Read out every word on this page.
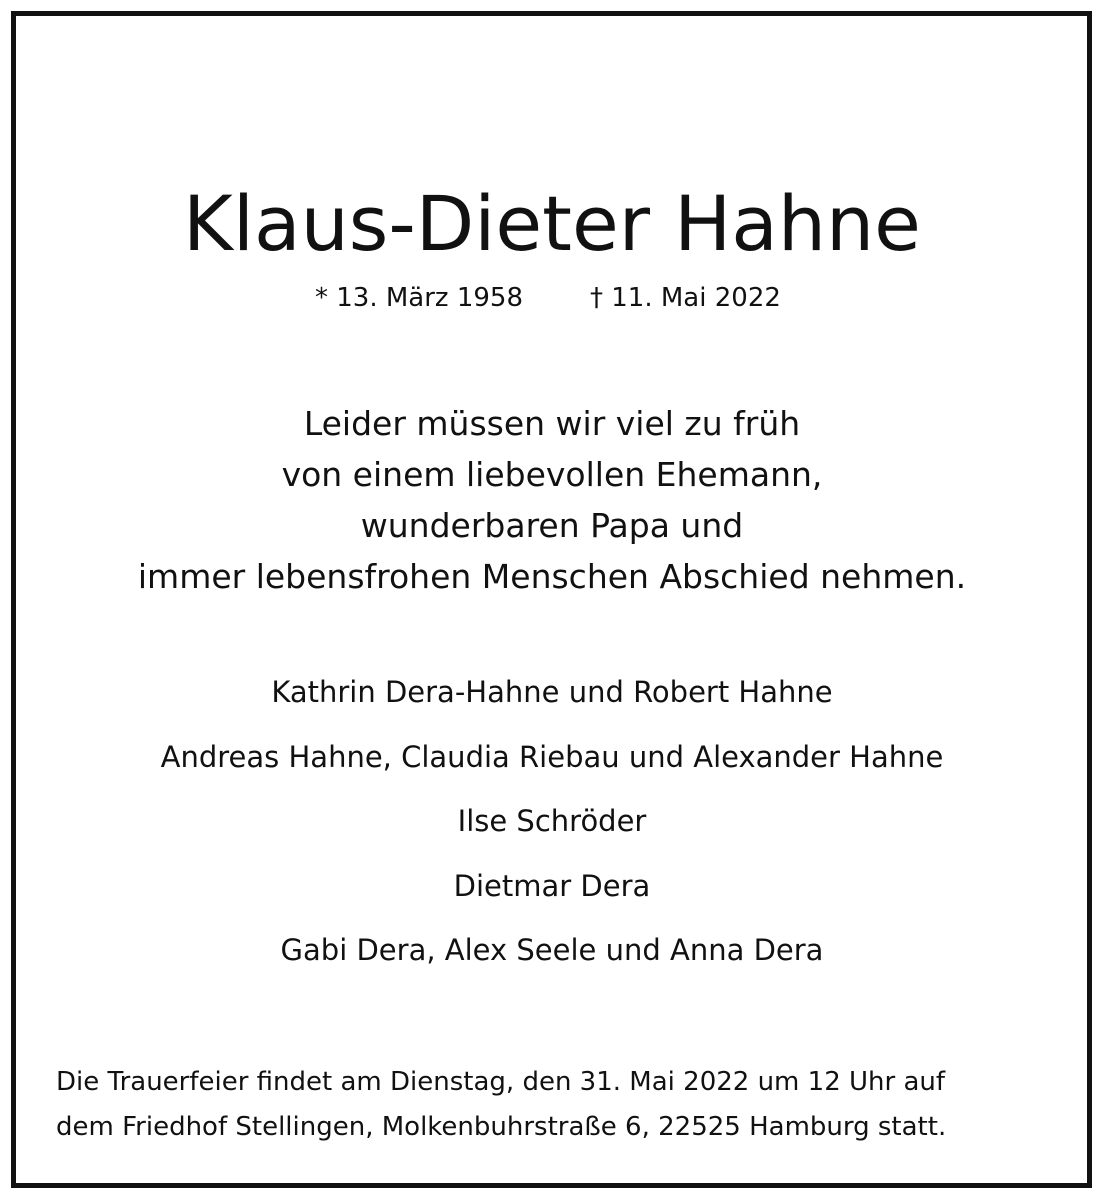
Klaus-Dieter Hahne
* 13. März 1958	† 11. Mai 2022
Leider müssen wir viel zu früh
von einem liebevollen Ehemann,
wunderbaren Papa und
immer lebensfrohen Menschen Abschied nehmen.
Kathrin Dera-Hahne und Robert Hahne
Andreas Hahne, Claudia Riebau und Alexander Hahne
Ilse Schröder
Dietmar Dera
Gabi Dera, Alex Seele und Anna Dera
Die Trauerfeier findet am Dienstag, den 31. Mai 2022 um 12 Uhr auf
dem Friedhof Stellingen, Molkenbuhrstraße 6, 22525 Hamburg statt.
